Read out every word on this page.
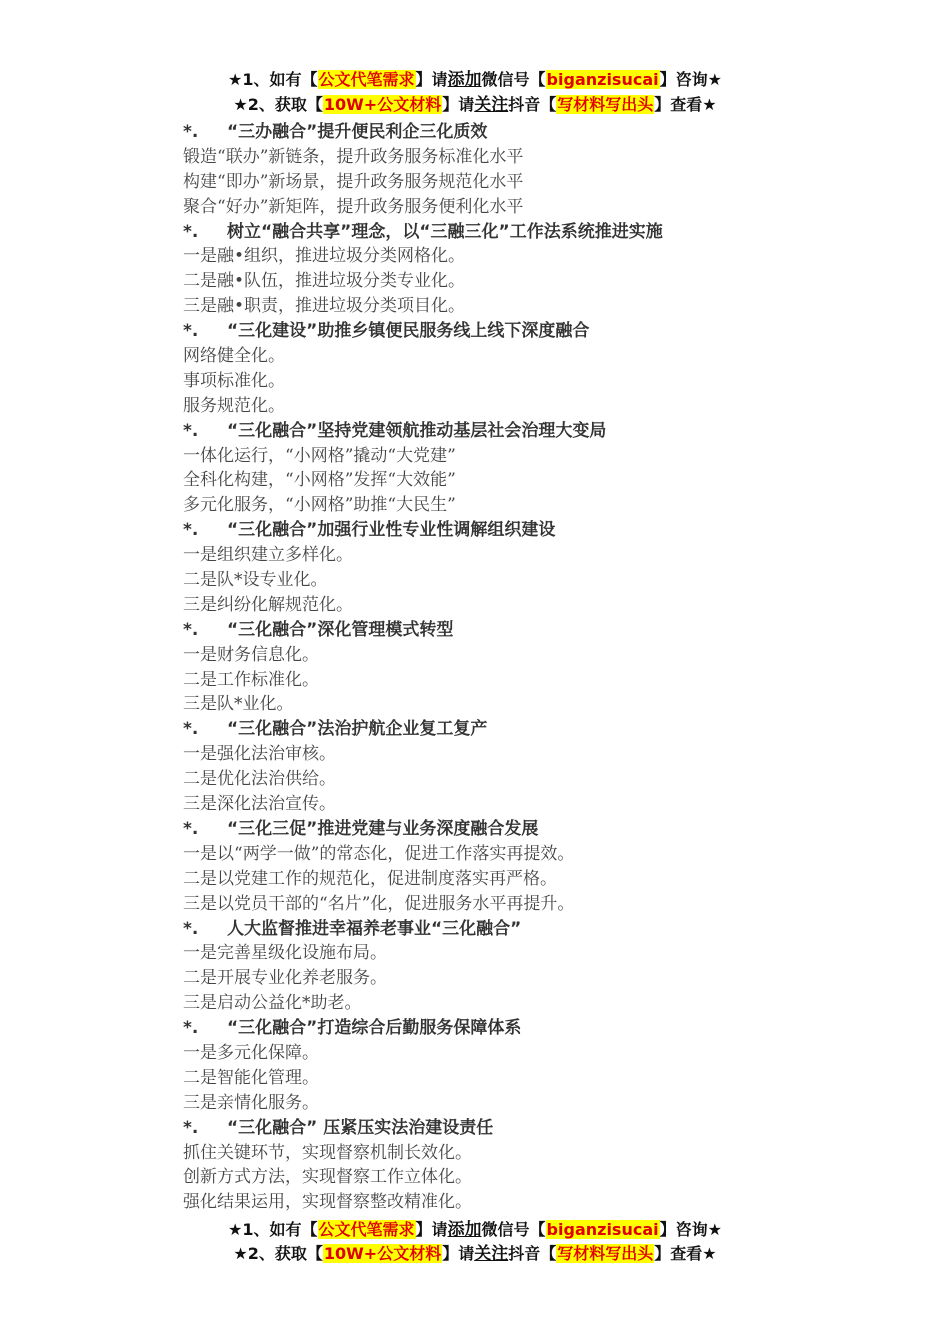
★1、如有【公文代笔需求】请添加微信号【biganzisucai】咨询★
★2、获取【10W+公文材料】请关注抖音【写材料写出头】查看★
*. “三办融合”提升便民利企三化质效
锻造“联办”新链条，提升政务服务标准化水平
构建“即办”新场景，提升政务服务规范化水平
聚合“好办”新矩阵，提升政务服务便利化水平
*. 树立“融合共享”理念，以“三融三化”工作法系统推进实施
一是融•组织，推进垃圾分类网格化。
二是融•队伍，推进垃圾分类专业化。
三是融•职责，推进垃圾分类项目化。
*. “三化建设”助推乡镇便民服务线上线下深度融合
网络健全化。
事项标准化。
服务规范化。
*. “三化融合”坚持党建领航推动基层社会治理大变局
一体化运行，“小网格”撬动“大党建”
全科化构建，“小网格”发挥“大效能”
多元化服务，“小网格”助推“大民生”
*. “三化融合”加强行业性专业性调解组织建设
一是组织建立多样化。
二是队*设专业化。
三是纠纷化解规范化。
*. “三化融合”深化管理模式转型
一是财务信息化。
二是工作标准化。
三是队*业化。
*. “三化融合”法治护航企业复工复产
一是强化法治审核。
二是优化法治供给。
三是深化法治宣传。
*. “三化三促”推进党建与业务深度融合发展
一是以“两学一做”的常态化，促进工作落实再提效。
二是以党建工作的规范化，促进制度落实再严格。
三是以党员干部的“名片”化，促进服务水平再提升。
*. 人大监督推进幸福养老事业“三化融合”
一是完善星级化设施布局。
二是开展专业化养老服务。
三是启动公益化*助老。
*. “三化融合”打造综合后勤服务保障体系
一是多元化保障。
二是智能化管理。
三是亲情化服务。
*. “三化融合” 压紧压实法治建设责任
抓住关键环节，实现督察机制长效化。
创新方式方法，实现督察工作立体化。
强化结果运用，实现督察整改精准化。
★1、如有【公文代笔需求】请添加微信号【biganzisucai】咨询★
★2、获取【10W+公文材料】请关注抖音【写材料写出头】查看★
